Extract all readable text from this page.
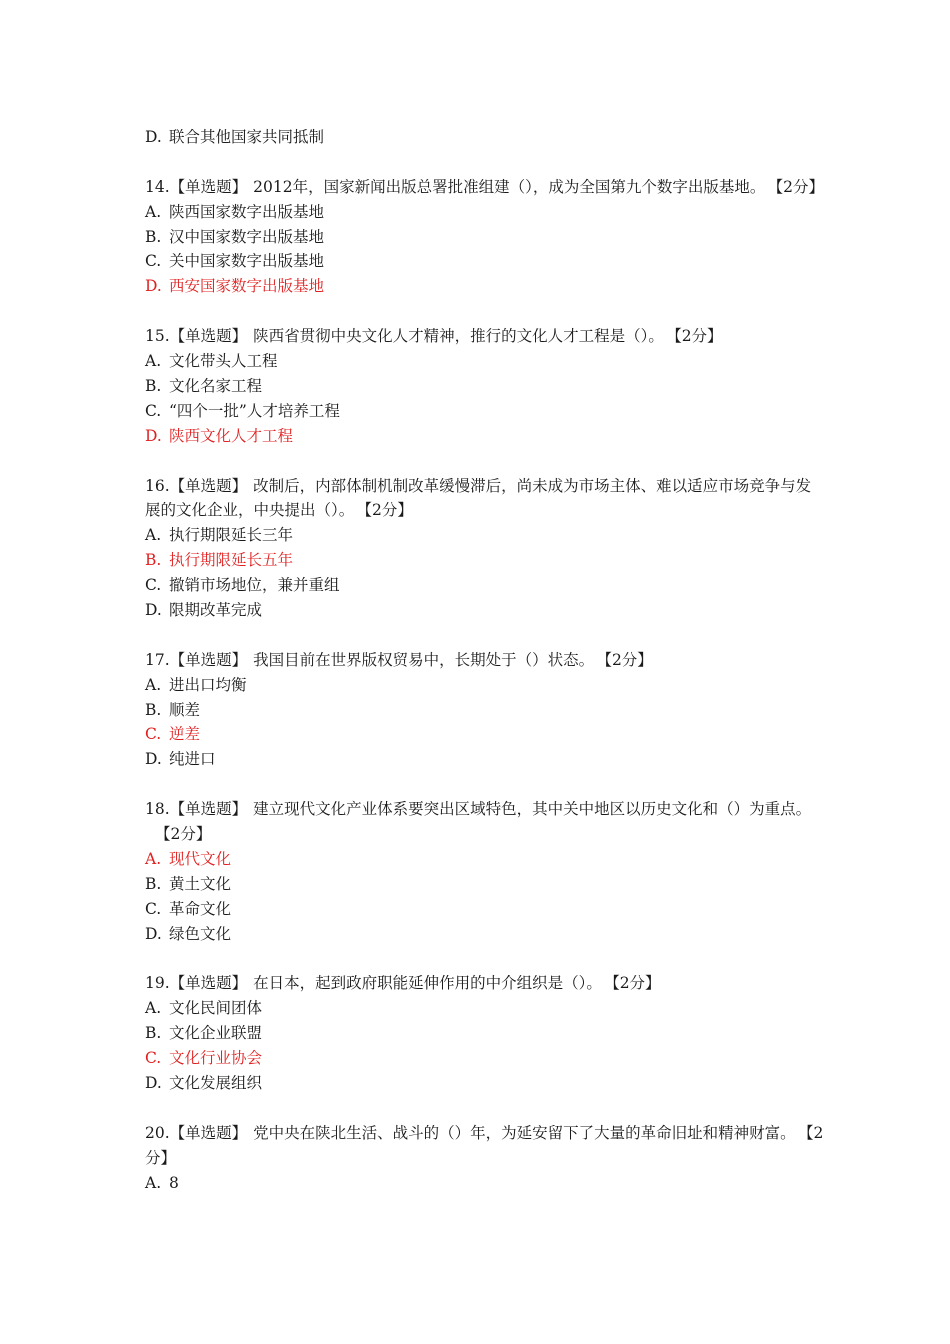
D. 联合其他国家共同抵制
14.【单选题】 2012年，国家新闻出版总署批准组建（），成为全国第九个数字出版基地。 【2分】
A. 陕西国家数字出版基地
B. 汉中国家数字出版基地
C. 关中国家数字出版基地
D. 西安国家数字出版基地
15.【单选题】 陕西省贯彻中央文化人才精神，推行的文化人才工程是（）。 【2分】
A. 文化带头人工程
B. 文化名家工程
C. “四个一批”人才培养工程
D. 陕西文化人才工程
16.【单选题】 改制后，内部体制机制改革缓慢滞后，尚未成为市场主体、难以适应市场竞争与发展的文化企业，中央提出（）。 【2分】
A. 执行期限延长三年
B. 执行期限延长五年
C. 撤销市场地位，兼并重组
D. 限期改革完成
17.【单选题】 我国目前在世界版权贸易中，长期处于（）状态。 【2分】
A. 进出口均衡
B. 顺差
C. 逆差
D. 纯进口
18.【单选题】 建立现代文化产业体系要突出区域特色，其中关中地区以历史文化和（）为重点。【2分】
A. 现代文化
B. 黄土文化
C. 革命文化
D. 绿色文化
19.【单选题】 在日本，起到政府职能延伸作用的中介组织是（）。 【2分】
A. 文化民间团体
B. 文化企业联盟
C. 文化行业协会
D. 文化发展组织
20.【单选题】 党中央在陕北生活、战斗的（）年，为延安留下了大量的革命旧址和精神财富。 【2分】
A. 8
